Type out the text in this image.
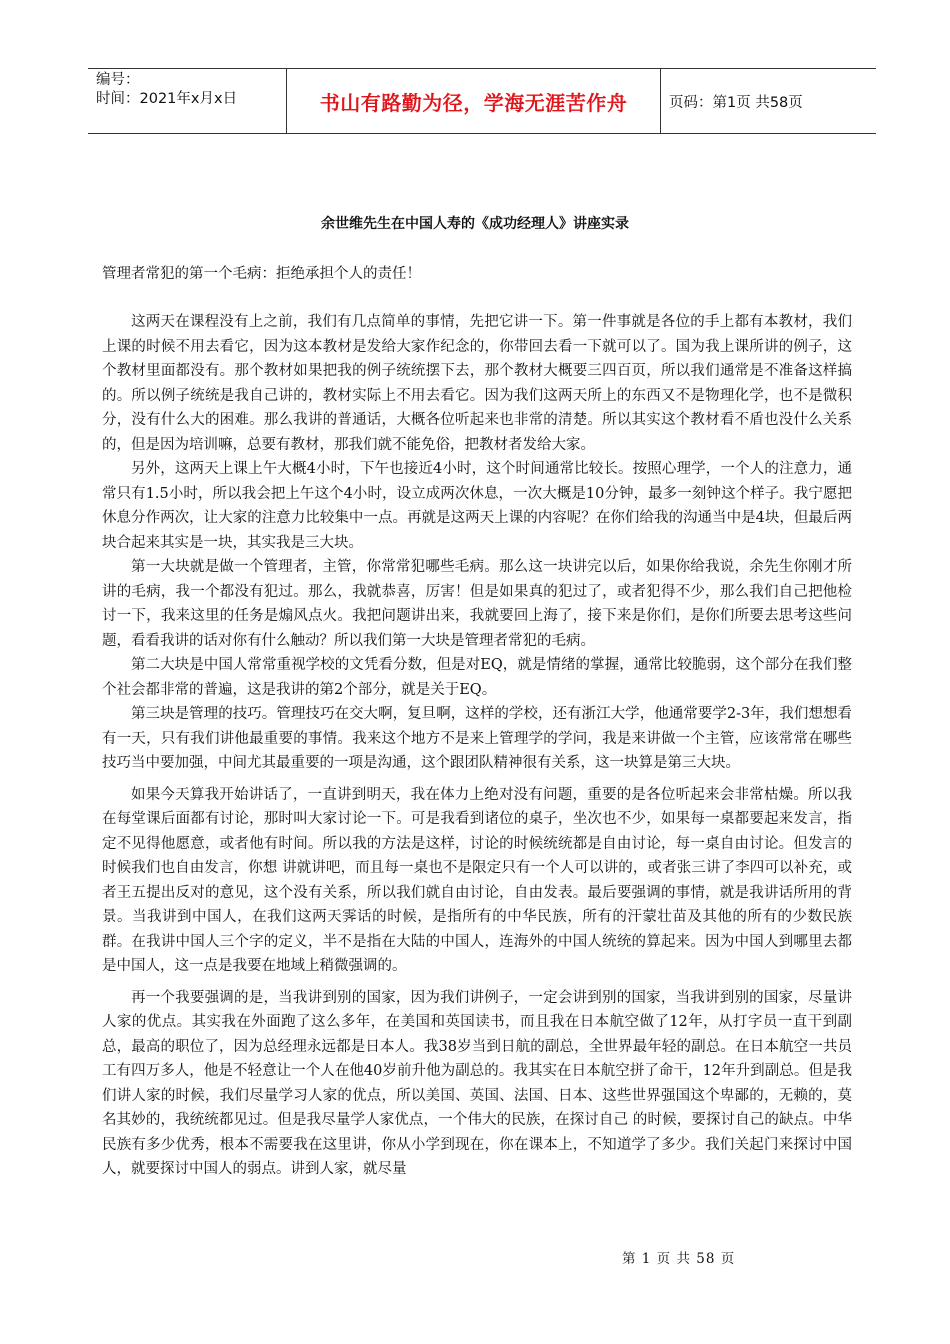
编号：
时间：2021年x月x日	书山有路勤为径，学海无涯苦作舟	页码：第1页 共58页
余世维先生在中国人寿的《成功经理人》讲座实录
管理者常犯的第一个毛病：拒绝承担个人的责任！

这两天在课程没有上之前，我们有几点简单的事情，先把它讲一下。第一件事就是各位的手上都有本教材，我们上课的时候不用去看它，因为这本教材是发给大家作纪念的，你带回去看一下就可以了。国为我上课所讲的例子，这个教材里面都没有。那个教材如果把我的例子统统摆下去，那个教材大概要三四百页，所以我们通常是不准备这样搞的。所以例子统统是我自己讲的，教材实际上不用去看它。因为我们这两天所上的东西又不是物理化学，也不是微积分，没有什么大的困难。那么我讲的普通话，大概各位听起来也非常的清楚。所以其实这个教材看不盾也没什么关系的，但是因为培训嘛，总要有教材，那我们就不能免俗，把教材者发给大家。

另外，这两天上课上午大概4小时，下午也接近4小时，这个时间通常比较长。按照心理学，一个人的注意力，通常只有1.5小时，所以我会把上午这个4小时，设立成两次休息，一次大概是10分钟，最多一刻钟这个样子。我宁愿把休息分作两次，让大家的注意力比较集中一点。再就是这两天上课的内容呢？在你们给我的沟通当中是4块，但最后两块合起来其实是一块，其实我是三大块。

第一大块就是做一个管理者，主管，你常常犯哪些毛病。那么这一块讲完以后，如果你给我说，余先生你刚才所讲的毛病，我一个都没有犯过。那么，我就恭喜，厉害！但是如果真的犯过了，或者犯得不少，那么我们自己把他检讨一下，我来这里的任务是煽风点火。我把问题讲出来，我就要回上海了，接下来是你们，是你们所要去思考这些问题，看看我讲的话对你有什么触动？所以我们第一大块是管理者常犯的毛病。

第二大块是中国人常常重视学校的文凭看分数，但是对EQ，就是情绪的掌握，通常比较脆弱，这个部分在我们整个社会都非常的普遍，这是我讲的第2个部分，就是关于EQ。

第三块是管理的技巧。管理技巧在交大啊，复旦啊，这样的学校，还有浙江大学，他通常要学2-3年，我们想想看有一天，只有我们讲他最重要的事情。我来这个地方不是来上管理学的学问，我是来讲做一个主管，应该常常在哪些技巧当中要加强，中间尤其最重要的一项是沟通，这个跟团队精神很有关系，这一块算是第三大块。

如果今天算我开始讲话了，一直讲到明天，我在体力上绝对没有问题，重要的是各位听起来会非常枯燥。所以我在每堂课后面都有讨论，那时叫大家讨论一下。可是我看到诸位的桌子，坐次也不少，如果每一桌都要起来发言，指定不见得他愿意，或者他有时间。所以我的方法是这样，讨论的时候统统都是自由讨论，每一桌自由讨论。但发言的时候我们也自由发言，你想 讲就讲吧，而且每一桌也不是限定只有一个人可以讲的，或者张三讲了李四可以补充，或者王五提出反对的意见，这个没有关系，所以我们就自由讨论，自由发表。最后要强调的事情，就是我讲话所用的背景。当我讲到中国人，在我们这两天霁话的时候，是指所有的中华民族，所有的汗蒙壮苗及其他的所有的少数民族群。在我讲中国人三个字的定义，半不是指在大陆的中国人，连海外的中国人统统的算起来。因为中国人到哪里去都是中国人，这一点是我要在地域上稍微强调的。

再一个我要强调的是，当我讲到别的国家，因为我们讲例子，一定会讲到别的国家，当我讲到别的国家，尽量讲人家的优点。其实我在外面跑了这么多年，在美国和英国读书，而且我在日本航空做了12年，从打字员一直干到副总，最高的职位了，因为总经理永远都是日本人。我38岁当到日航的副总，全世界最年轻的副总。在日本航空一共员工有四万多人，他是不轻意让一个人在他40岁前升他为副总的。我其实在日本航空拼了命干，12年升到副总。但是我们讲人家的时候，我们尽量学习人家的优点，所以美国、英国、法国、日本、这些世界强国这个卑鄙的，无赖的，莫名其妙的，我统统都见过。但是我尽量学人家优点，一个伟大的民族，在探讨自己 的时候，要探讨自己的缺点。中华民族有多少优秀，根本不需要我在这里讲，你从小学到现在，你在课本上，不知道学了多少。我们关起门来探讨中国人，就要探讨中国人的弱点。讲到人家，就尽量

第 1 页 共 58 页
